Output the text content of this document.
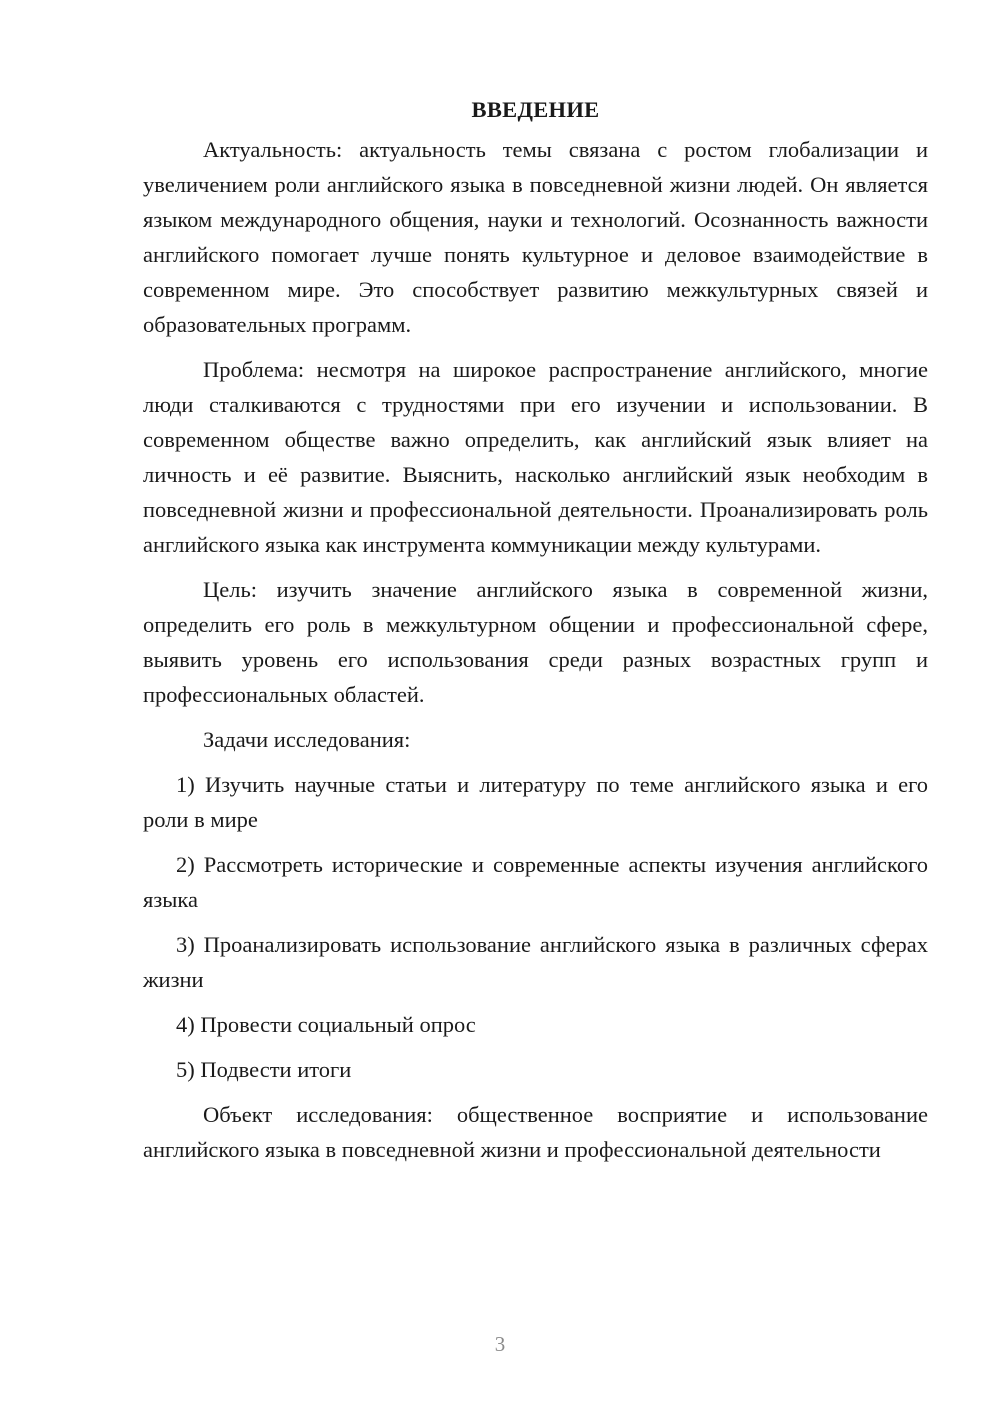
ВВЕДЕНИЕ

Актуальность: актуальность темы связана с ростом глобализации и увеличением роли английского языка в повседневной жизни людей. Он является языком международного общения, науки и технологий. Осознанность важности английского помогает лучше понять культурное и деловое взаимодействие в современном мире. Это способствует развитию межкультурных связей и образовательных программ.

Проблема: несмотря на широкое распространение английского, многие люди сталкиваются с трудностями при его изучении и использовании. В современном обществе важно определить, как английский язык влияет на личность и её развитие. Выяснить, насколько английский язык необходим в повседневной жизни и профессиональной деятельности. Проанализировать роль английского языка как инструмента коммуникации между культурами.

Цель: изучить значение английского языка в современной жизни, определить его роль в межкультурном общении и профессиональной сфере, выявить уровень его использования среди разных возрастных групп и профессиональных областей.

Задачи исследования:

1) Изучить научные статьи и литературу по теме английского языка и его роли в мире

2) Рассмотреть исторические и современные аспекты изучения английского языка

3) Проанализировать использование английского языка в различных сферах жизни

4) Провести социальный опрос

5) Подвести итоги

Объект исследования: общественное восприятие и использование английского языка в повседневной жизни и профессиональной деятельности

3
